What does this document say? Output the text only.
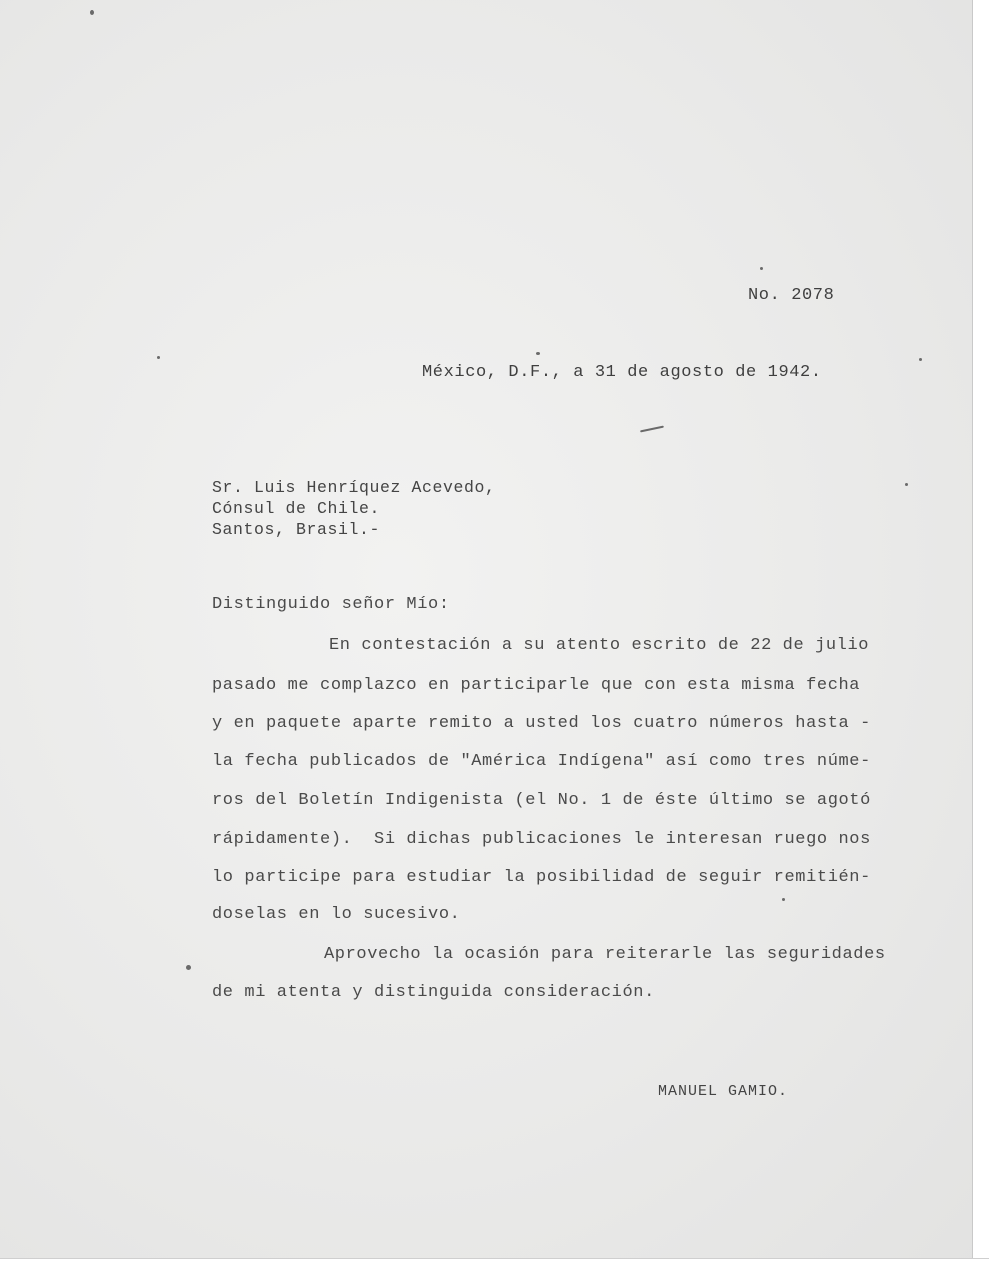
No. 2078
México, D.F., a 31 de agosto de 1942.
Sr. Luis Henríquez Acevedo,
Cónsul de Chile.
Santos, Brasil.-
Distinguido señor Mío:
En contestación a su atento escrito de 22 de julio
pasado me complazco en participarle que con esta misma fecha
y en paquete aparte remito a usted los cuatro números hasta -
la fecha publicados de "América Indígena" así como tres núme-
ros del Boletín Indigenista (el No. 1 de éste último se agotó
rápidamente).  Si dichas publicaciones le interesan ruego nos
lo participe para estudiar la posibilidad de seguir remitién-
doselas en lo sucesivo.
Aprovecho la ocasión para reiterarle las seguridades
de mi atenta y distinguida consideración.
MANUEL GAMIO.
